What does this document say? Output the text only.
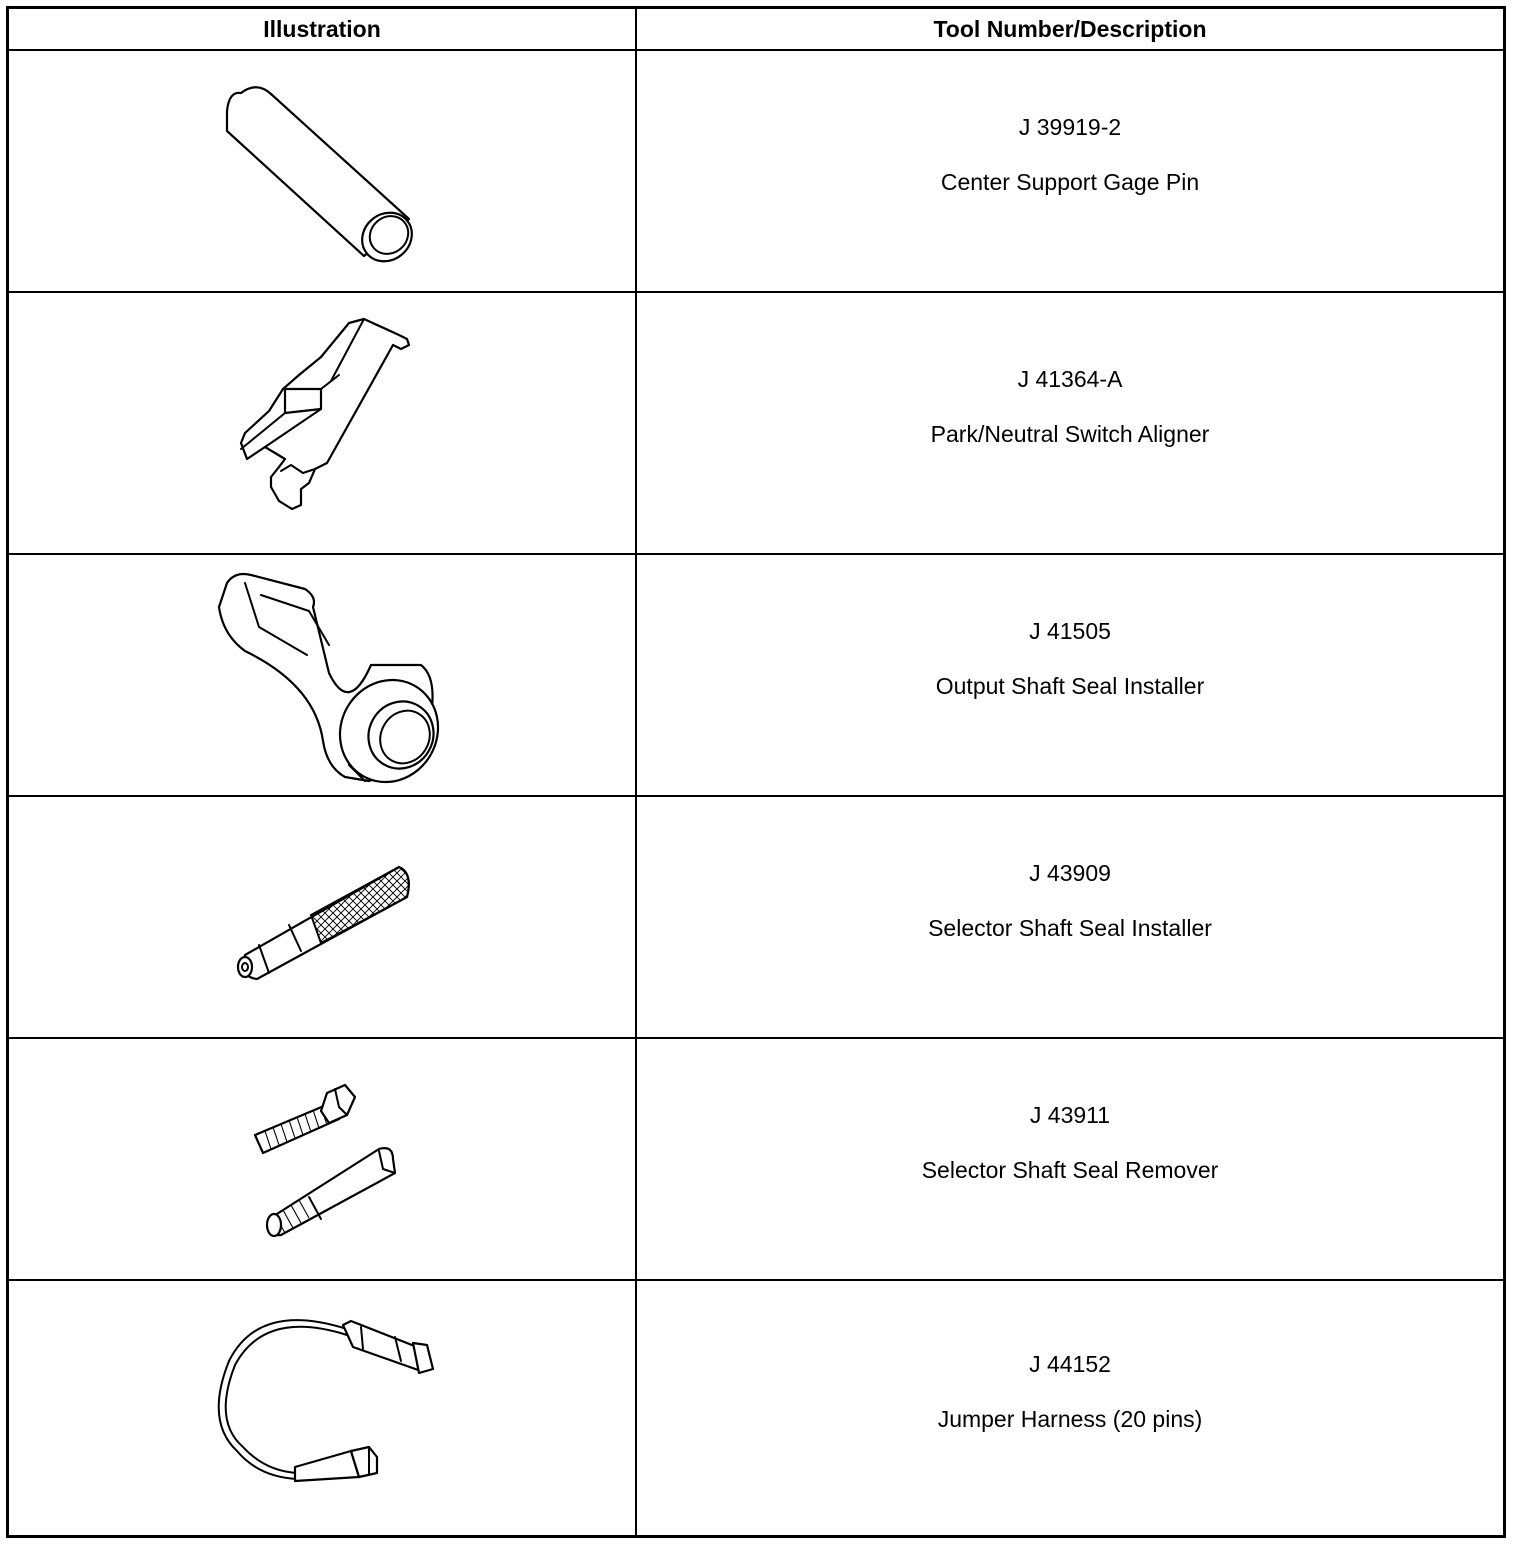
Illustration	Tool Number/Description
J 39919-2
Center Support Gage Pin
J 41364-A
Park/Neutral Switch Aligner
J 41505
Output Shaft Seal Installer
J 43909
Selector Shaft Seal Installer
J 43911
Selector Shaft Seal Remover
J 44152
Jumper Harness (20 pins)
